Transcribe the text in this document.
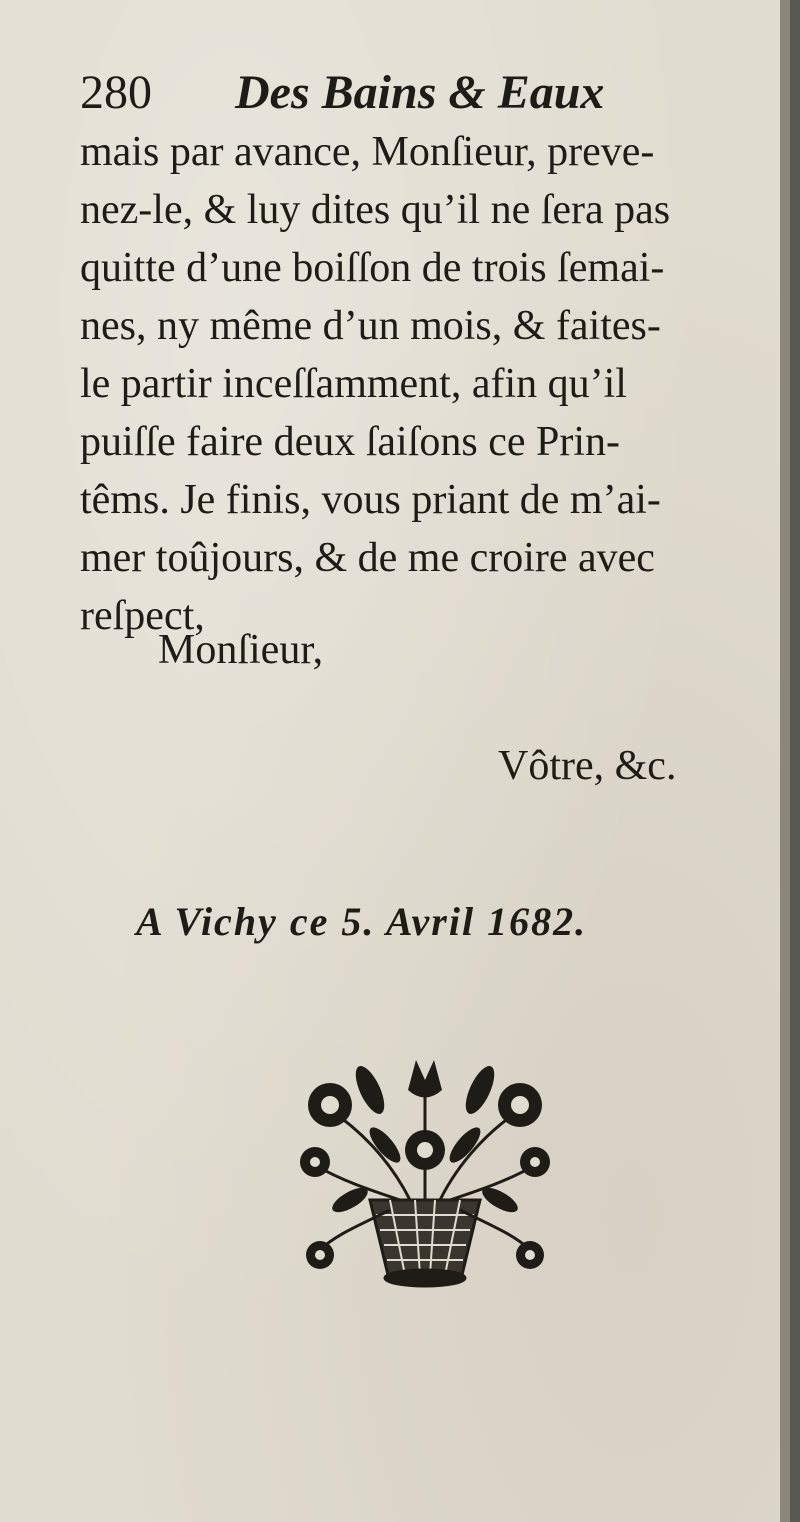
280 Des Bains & Eaux
mais par avance, Monſieur, preve-
nez-le, & luy dites qu’il ne ſera pas
quitte d’une boiſſon de trois ſemai-
nes, ny même d’un mois, & faites-
le partir inceſſamment, afin qu’il
puiſſe faire deux ſaiſons ce Prin-
têms. Je finis, vous priant de m’ai-
mer toûjours, & de me croire avec
reſpect,
Monſieur,
Vôtre, &c.
A Vichy ce 5. Avril 1682.
